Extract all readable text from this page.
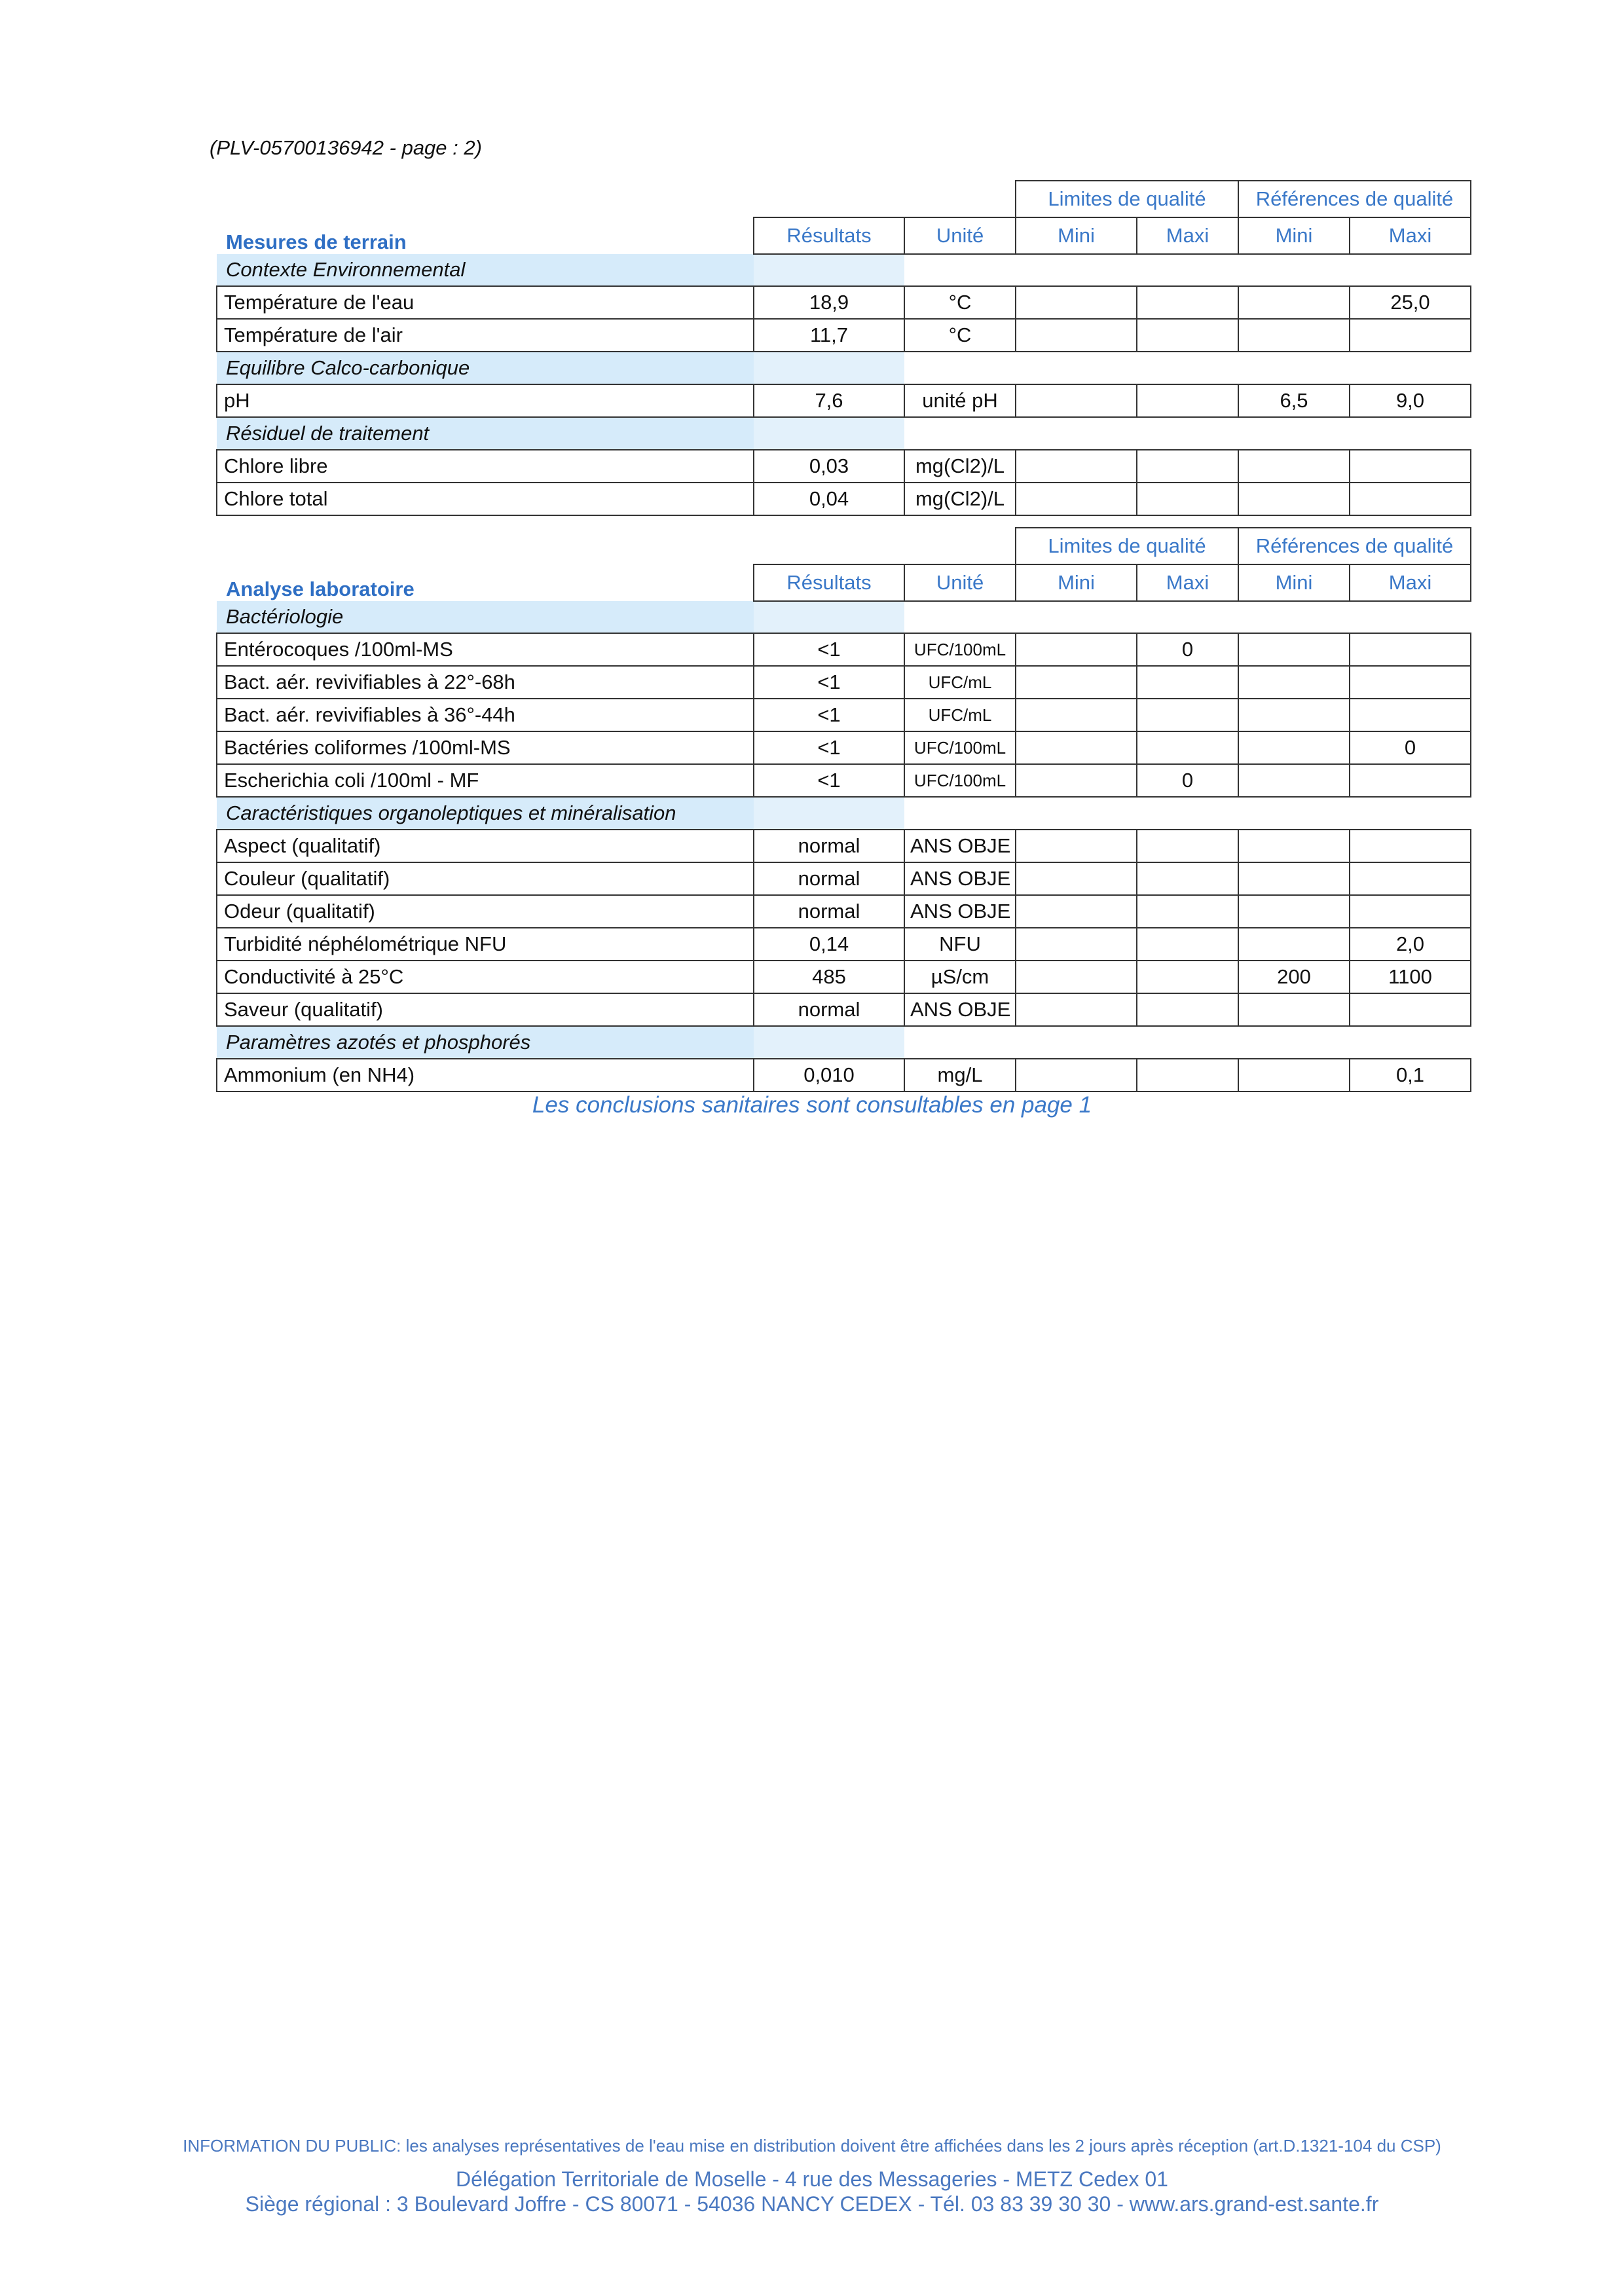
(PLV-05700136942 - page : 2)
			Limites de qualité		Références de qualité	
Mesures de terrain	Résultats	Unité	Mini	Maxi	Mini	Maxi
Contexte Environnemental						
Température de l'eau	18,9	°C				25,0
Température de l'air	11,7	°C				
Equilibre Calco-carbonique						
pH	7,6	unité pH			6,5	9,0
Résiduel de traitement						
Chlore libre	0,03	mg(Cl2)/L				
Chlore total	0,04	mg(Cl2)/L				
			Limites de qualité		Références de qualité	
Analyse laboratoire	Résultats	Unité	Mini	Maxi	Mini	Maxi
Bactériologie						
Entérocoques /100ml-MS	<1	UFC/100mL		0		
Bact. aér. revivifiables à 22°-68h	<1	UFC/mL				
Bact. aér. revivifiables à 36°-44h	<1	UFC/mL				
Bactéries coliformes /100ml-MS	<1	UFC/100mL				0
Escherichia coli /100ml - MF	<1	UFC/100mL		0		
Caractéristiques organoleptiques et minéralisation						
Aspect (qualitatif)	normal	ANS OBJE				
Couleur (qualitatif)	normal	ANS OBJE				
Odeur (qualitatif)	normal	ANS OBJE				
Turbidité néphélométrique NFU	0,14	NFU				2,0
Conductivité à 25°C	485	µS/cm			200	1100
Saveur (qualitatif)	normal	ANS OBJE				
Paramètres azotés et phosphorés						
Ammonium (en NH4)	0,010	mg/L				0,1
Les conclusions sanitaires sont consultables en page 1
INFORMATION DU PUBLIC: les analyses représentatives de l'eau mise en distribution doivent être affichées dans les 2 jours après réception (art.D.1321-104 du CSP)
Délégation Territoriale de Moselle - 4 rue des Messageries - METZ Cedex 01
Siège régional : 3 Boulevard Joffre - CS 80071 - 54036 NANCY CEDEX - Tél. 03 83 39 30 30 - www.ars.grand-est.sante.fr
